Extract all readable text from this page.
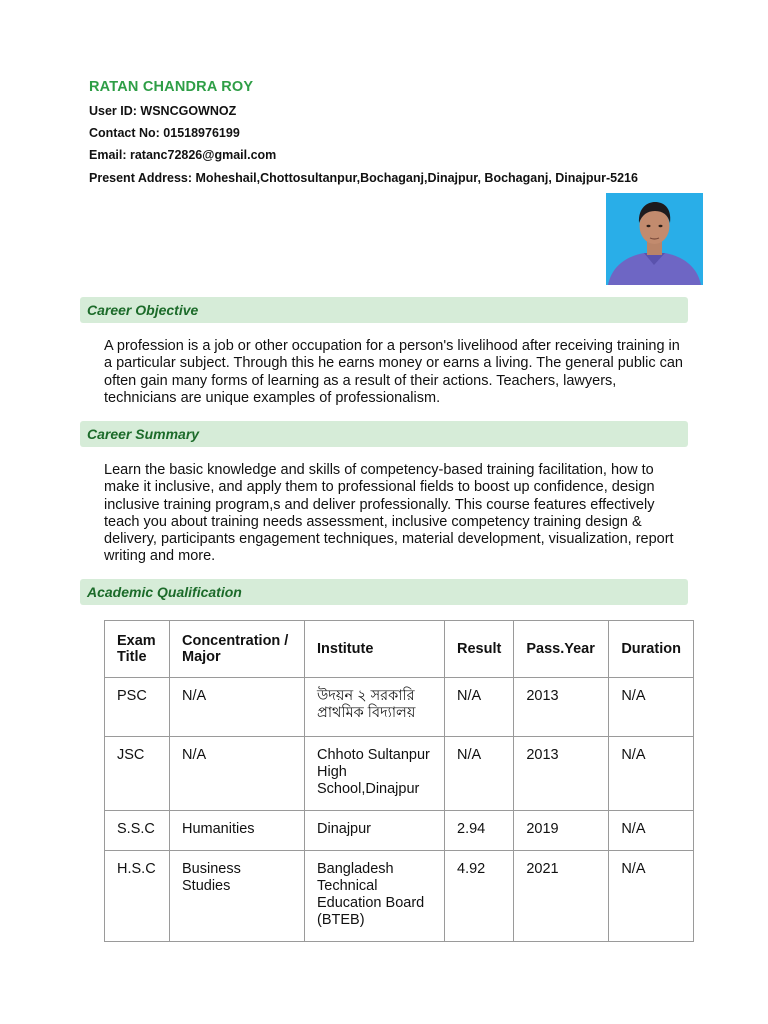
RATAN CHANDRA ROY
User ID: WSNCGOWNOZ
Contact No: 01518976199
Email: ratanc72826@gmail.com
Present Address: Moheshail,Chottosultanpur,Bochaganj,Dinajpur, Bochaganj, Dinajpur-5216
Career Objective
A profession is a job or other occupation for a person's livelihood after receiving training in a particular subject. Through this he earns money or earns a living. The general public can often gain many forms of learning as a result of their actions. Teachers, lawyers, technicians are unique examples of professionalism.
Career Summary
Learn the basic knowledge and skills of competency-based training facilitation, how to make it inclusive, and apply them to professional fields to boost up confidence, design inclusive training program,s and deliver professionally. This course features effectively teach you about training needs assessment, inclusive competency training design & delivery, participants engagement techniques, material development, visualization, report writing and more.
Academic Qualification
Exam Title	Concentration / Major	Institute	Result	Pass.Year	Duration
PSC	N/A	উদয়ন ২ সরকারি প্রাথমিক বিদ্যালয়	N/A	2013	N/A
JSC	N/A	Chhoto Sultanpur High School,Dinajpur	N/A	2013	N/A
S.S.C	Humanities	Dinajpur	2.94	2019	N/A
H.S.C	Business Studies	Bangladesh Technical Education Board (BTEB)	4.92	2021	N/A
